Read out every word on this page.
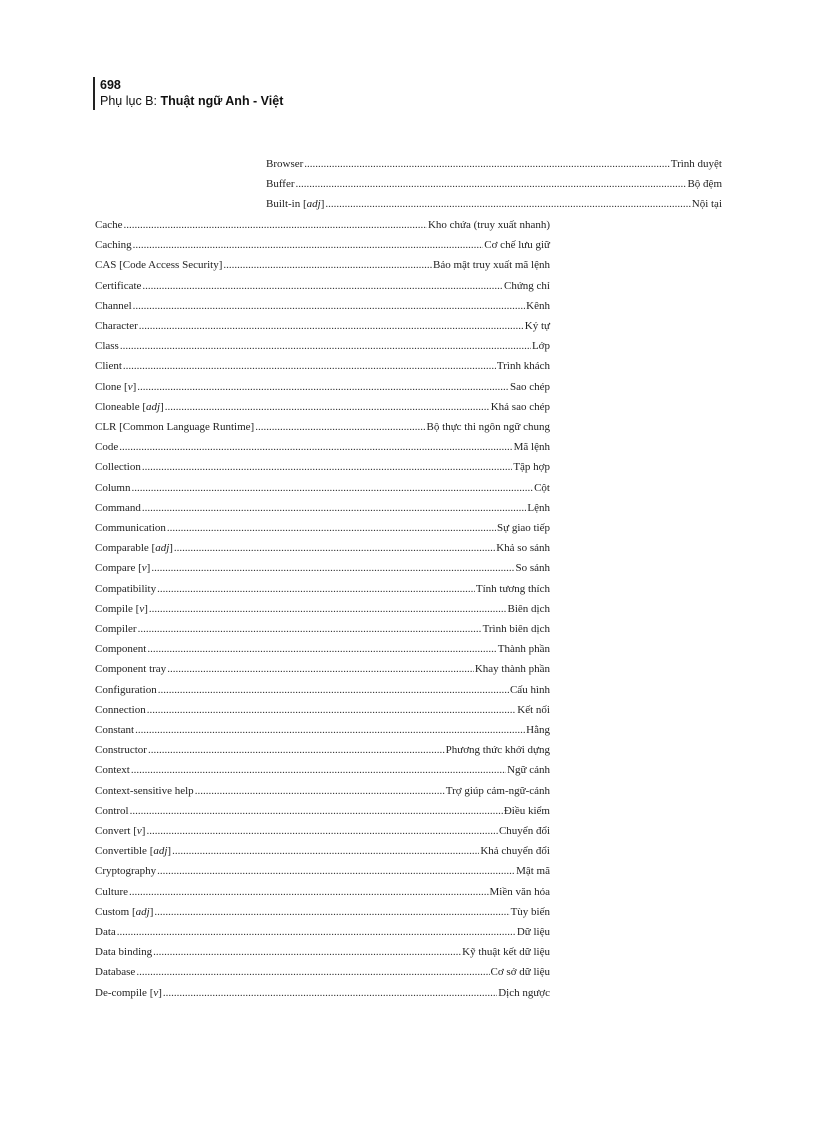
698
Phụ lục B: Thuật ngữ Anh - Việt
Browser .....	Trình duyệt
Buffer .....	Bộ đệm
Built-in [adj] .....	Nội tại
Cache .....	Kho chứa (truy xuất nhanh)
Caching .....	Cơ chế lưu giữ
CAS [Code Access Security] .....	Bảo mật truy xuất mã lệnh
Certificate .....	Chứng chỉ
Channel .....	Kênh
Character .....	Ký tự
Class .....	Lớp
Client .....	Trình khách
Clone [v] .....	Sao chép
Cloneable [adj] .....	Khả sao chép
CLR [Common Language Runtime] .....	Bộ thực thi ngôn ngữ chung
Code .....	Mã lệnh
Collection .....	Tập hợp
Column .....	Cột
Command .....	Lệnh
Communication .....	Sự giao tiếp
Comparable [adj] .....	Khả so sánh
Compare [v] .....	So sánh
Compatibility .....	Tính tương thích
Compile [v] .....	Biên dịch
Compiler .....	Trình biên dịch
Component .....	Thành phần
Component tray .....	Khay thành phần
Configuration .....	Cấu hình
Connection .....	Kết nối
Constant .....	Hằng
Constructor .....	Phương thức khởi dựng
Context .....	Ngữ cảnh
Context-sensitive help .....	Trợ giúp cảm-ngữ-cảnh
Control .....	Điều kiểm
Convert [v] .....	Chuyển đổi
Convertible [adj] .....	Khả chuyển đổi
Cryptography .....	Mật mã
Culture .....	Miền văn hóa
Custom [adj] .....	Tùy biến
Data .....	Dữ liệu
Data binding .....	Kỹ thuật kết dữ liệu
Database .....	Cơ sở dữ liệu
De-compile [v] .....	Dịch ngược
